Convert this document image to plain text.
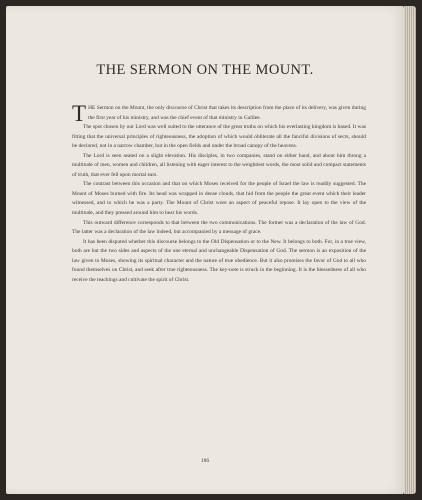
THE SERMON ON THE MOUNT.

THE Sermon on the Mount, the only discourse of Christ that takes its description from the place of its delivery, was given during the first year of his ministry, and was the chief event of that ministry in Galilee.

The spot chosen by our Lord was well suited to the utterance of the great truths on which his everlasting kingdom is based. It was fitting that the universal principles of righteousness, the adoption of which would obliterate all the fanciful divisions of sects, should be declared, not in a narrow chamber, but in the open fields and under the broad canopy of the heavens.

The Lord is seen seated on a slight elevation. His disciples, in two companies, stand on either hand, and about him throng a multitude of men, women and children, all listening with eager interest to the weightiest words, the most solid and compact statements of truth, that ever fell upon mortal ears.

The contrast between this occasion and that on which Moses received for the people of Israel the law is readily suggested. The Mount of Moses burned with fire. Its head was wrapped in dense clouds, that hid from the people the great event which their leader witnessed, and to which he was a party. The Mount of Christ wore an aspect of peaceful repose. It lay open to the view of the multitude, and they pressed around him to hear his words.

This outward difference corresponds to that between the two communications. The former was a declaration of the law of God. The latter was a declaration of the law indeed, but accompanied by a message of grace.

It has been disputed whether this discourse belongs to the Old Dispensation or to the New. It belongs to both. For, in a true view, both are but the two sides and aspects of the one eternal and unchangeable Dispensation of God. The sermon is an exposition of the law given to Moses, showing its spiritual character and the nature of true obedience. But it also promises the favor of God to all who found themselves on Christ, and seek after true righteousness. The key-note is struck in the beginning. It is the blessedness of all who receive the teachings and cultivate the spirit of Christ.

186
